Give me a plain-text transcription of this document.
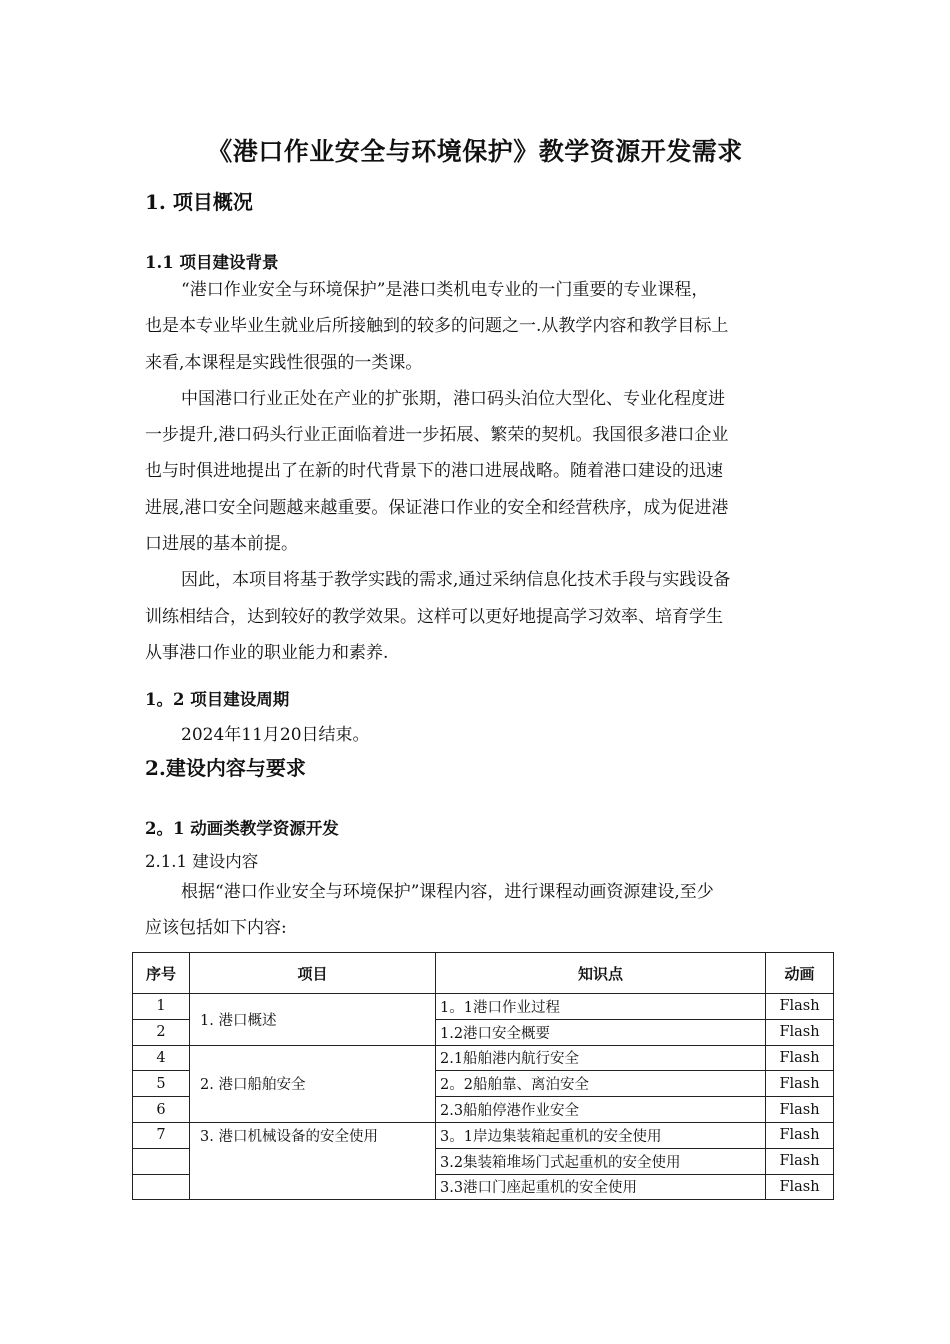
《港口作业安全与环境保护》教学资源开发需求
1. 项目概况
1.1 项目建设背景

“港口作业安全与环境保护”是港口类机电专业的一门重要的专业课程，

也是本专业毕业生就业后所接触到的较多的问题之一.从教学内容和教学目标上

来看,本课程是实践性很强的一类课。

中国港口行业正处在产业的扩张期，港口码头泊位大型化、专业化程度进

一步提升,港口码头行业正面临着进一步拓展、繁荣的契机。我国很多港口企业

也与时俱进地提出了在新的时代背景下的港口进展战略。随着港口建设的迅速

进展,港口安全问题越来越重要。保证港口作业的安全和经营秩序，成为促进港

口进展的基本前提。

因此，本项目将基于教学实践的需求,通过采纳信息化技术手段与实践设备

训练相结合，达到较好的教学效果。这样可以更好地提高学习效率、培育学生

从事港口作业的职业能力和素养.

1。2 项目建设周期
2024年11月20日结束。
2.建设内容与要求
2。1 动画类教学资源开发
2.1.1 建设内容

根据“港口作业安全与环境保护”课程内容，进行课程动画资源建设,至少

应该包括如下内容:

序号	项目	知识点	动画
1	1. 港口概述	1。1港口作业过程	Flash
2		1.2港口安全概要	Flash
4	2. 港口船舶安全	2.1船舶港内航行安全	Flash
5		2。2船舶靠、离泊安全	Flash
6		2.3船舶停港作业安全	Flash
7	3. 港口机械设备的安全使用	3。1岸边集装箱起重机的安全使用	Flash
		3.2集装箱堆场门式起重机的安全使用	Flash
		3.3港口门座起重机的安全使用	Flash
